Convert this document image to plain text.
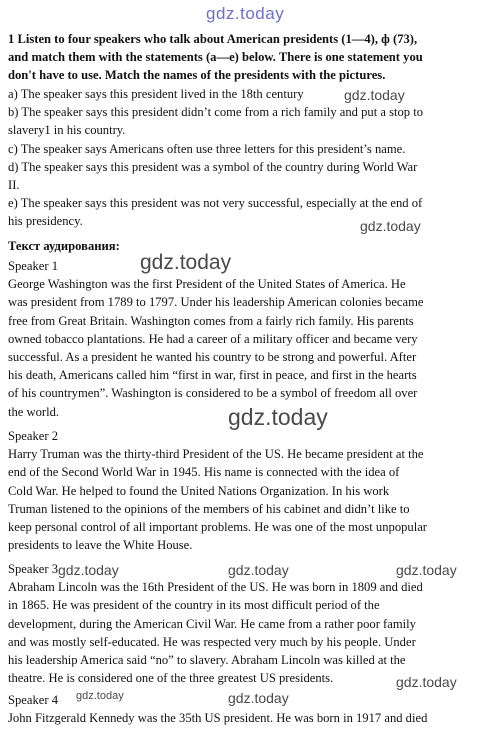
gdz.today
1 Listen to four speakers who talk about American presidents (1—4), ф (73),
and match them with the statements (a—e) below. There is one statement you
don't have to use. Match the names of the presidents with the pictures.
a) The speaker says this president lived in the 18th century
b) The speaker says this president didn’t come from a rich family and put a stop to
slavery1 in his country.
c) The speaker says Americans often use three letters for this president’s name.
d) The speaker says this president was a symbol of the country during World War
II.
e) The speaker says this president was not very successful, especially at the end of
his presidency.
Текст аудирования:
Speaker 1
George Washington was the first President of the United States of America. He
was president from 1789 to 1797. Under his leadership American colonies became
free from Great Britain. Washington comes from a fairly rich family. His parents
owned tobacco plantations. He had a career of a military officer and became very
successful. As a president he wanted his country to be strong and powerful. After
his death, Americans called him “first in war, first in peace, and first in the hearts
of his countrymen”. Washington is considered to be a symbol of freedom all over
the world.
Speaker 2
Harry Truman was the thirty-third President of the US. He became president at the
end of the Second World War in 1945. His name is connected with the idea of
Cold War. He helped to found the United Nations Organization. In his work
Truman listened to the opinions of the members of his cabinet and didn’t like to
keep personal control of all important problems. He was one of the most unpopular
presidents to leave the White House.
Speaker 3
Abraham Lincoln was the 16th President of the US. He was born in 1809 and died
in 1865. He was president of the country in its most difficult period of the
development, during the American Civil War. He came from a rather poor family
and was mostly self-educated. He was respected very much by his people. Under
his leadership America said “no” to slavery. Abraham Lincoln was killed at the
theatre. He is considered one of the three greatest US presidents.
Speaker 4
John Fitzgerald Kennedy was the 35th US president. He was born in 1917 and died
gdz.today
gdz.today
gdz.today
gdz.today
gdz.today	gdz.today	gdz.today
gdz.today
gdz.today	gdz.today
